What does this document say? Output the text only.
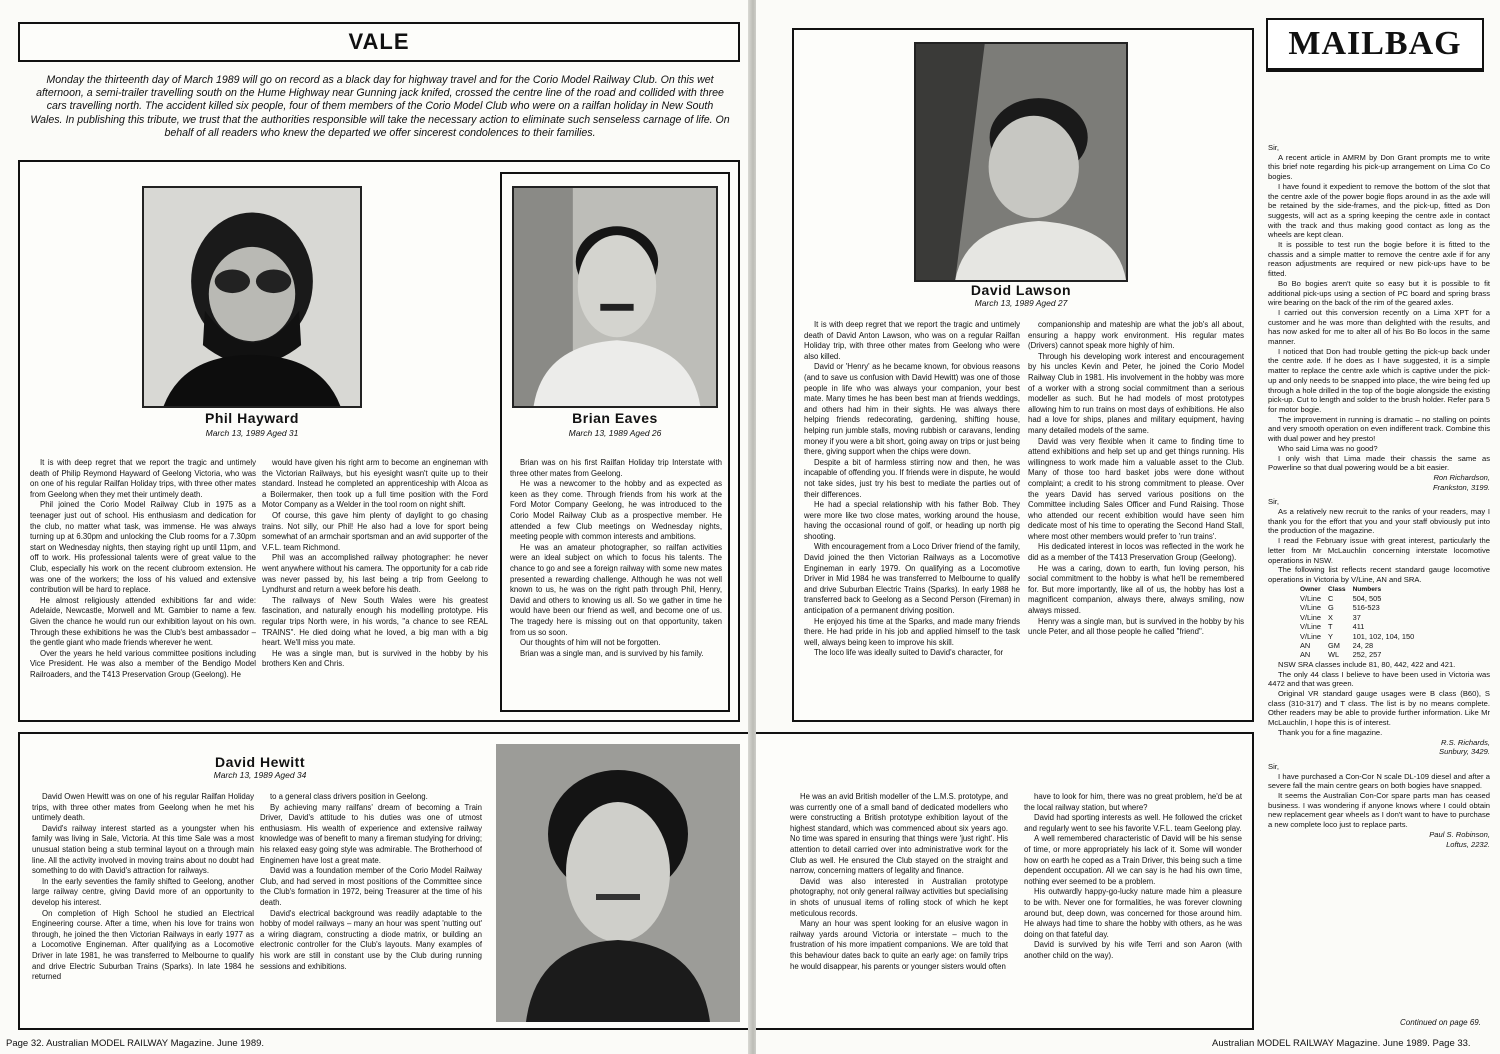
VALE
Monday the thirteenth day of March 1989 will go on record as a black day for highway travel and for the Corio Model Railway Club. On this wet afternoon, a semi-trailer travelling south on the Hume Highway near Gunning jack knifed, crossed the centre line of the road and collided with three cars travelling north. The accident killed six people, four of them members of the Corio Model Club who were on a railfan holiday in New South Wales. In publishing this tribute, we trust that the authorities responsible will take the necessary action to eliminate such senseless carnage of life. On behalf of all readers who knew the departed we offer sincerest condolences to their families.
Phil Hayward
March 13, 1989 Aged 31

It is with deep regret that we report the tragic and untimely death of Philip Reymond Hayward of Geelong Victoria, who was on one of his regular Railfan Holiday trips, with three other mates from Geelong when they met their untimely death.

Phil joined the Corio Model Railway Club in 1975 as a teenager just out of school. His enthusiasm and dedication for the club, no matter what task, was immense. He was always turning up at 6.30pm and unlocking the Club rooms for a 7.30pm start on Wednesday nights, then staying right up until 11pm, and off to work. His professional talents were of great value to the Club, especially his work on the recent clubroom extension. He was one of the workers; the loss of his valued and extensive contribution will be hard to replace.

He almost religiously attended exhibitions far and wide: Adelaide, Newcastle, Morwell and Mt. Gambier to name a few. Given the chance he would run our exhibition layout on his own. Through these exhibitions he was the Club's best ambassador – the gentle giant who made friends wherever he went.

Over the years he held various committee positions including Vice President. He was also a member of the Bendigo Model Railroaders, and the T413 Preservation Group (Geelong). He

would have given his right arm to become an engineman with the Victorian Railways, but his eyesight wasn't quite up to their standard. Instead he completed an apprenticeship with Alcoa as a Boilermaker, then took up a full time position with the Ford Motor Company as a Welder in the tool room on night shift.

Of course, this gave him plenty of daylight to go chasing trains. Not silly, our Phil! He also had a love for sport being somewhat of an armchair sportsman and an avid supporter of the V.F.L. team Richmond.

Phil was an accomplished railway photographer: he never went anywhere without his camera. The opportunity for a cab ride was never passed by, his last being a trip from Geelong to Lyndhurst and return a week before his death.

The railways of New South Wales were his greatest fascination, and naturally enough his modelling prototype. His regular trips North were, in his words, "a chance to see REAL TRAINS". He died doing what he loved, a big man with a big heart. We'll miss you mate.

He was a single man, but is survived in the hobby by his brothers Ken and Chris.

Brian Eaves
March 13, 1989 Aged 26

Brian was on his first Railfan Holiday trip Interstate with three other mates from Geelong.

He was a newcomer to the hobby and as expected as keen as they come. Through friends from his work at the Ford Motor Company Geelong, he was introduced to the Corio Model Railway Club as a prospective member. He attended a few Club meetings on Wednesday nights, meeting people with common interests and ambitions.

He was an amateur photographer, so railfan activities were an ideal subject on which to focus his talents. The chance to go and see a foreign railway with some new mates presented a rewarding challenge. Although he was not well known to us, he was on the right path through Phil, Henry, David and others to knowing us all. So we gather in time he would have been our friend as well, and become one of us. The tragedy here is missing out on that opportunity, taken from us so soon.

Our thoughts of him will not be forgotten.

Brian was a single man, and is survived by his family.

David Hewitt
March 13, 1989 Aged 34

David Owen Hewitt was on one of his regular Railfan Holiday trips, with three other mates from Geelong when he met his untimely death.

David's railway interest started as a youngster when his family was living in Sale, Victoria. At this time Sale was a most unusual station being a stub terminal layout on a through main line. All the activity involved in moving trains about no doubt had something to do with David's attraction for railways.

In the early seventies the family shifted to Geelong, another large railway centre, giving David more of an opportunity to develop his interest.

On completion of High School he studied an Electrical Engineering course. After a time, when his love for trains won through, he joined the then Victorian Railways in early 1977 as a Locomotive Engineman. After qualifying as a Locomotive Driver in late 1981, he was transferred to Melbourne to qualify and drive Electric Suburban Trains (Sparks). In late 1984 he returned

to a general class drivers position in Geelong.

By achieving many railfans' dream of becoming a Train Driver, David's attitude to his duties was one of utmost enthusiasm. His wealth of experience and extensive railway knowledge was of benefit to many a fireman studying for driving; his relaxed easy going style was admirable. The Brotherhood of Enginemen have lost a great mate.

David was a foundation member of the Corio Model Railway Club, and had served in most positions of the Committee since the Club's formation in 1972, being Treasurer at the time of his death.

David's electrical background was readily adaptable to the hobby of model railways – many an hour was spent 'nutting out' a wiring diagram, constructing a diode matrix, or building an electronic controller for the Club's layouts. Many examples of his work are still in constant use by the Club during running sessions and exhibitions.

Page 32. Australian MODEL RAILWAY Magazine. June 1989.
David Lawson
March 13, 1989 Aged 27

It is with deep regret that we report the tragic and untimely death of David Anton Lawson, who was on a regular Railfan Holiday trip, with three other mates from Geelong who were also killed.

David or 'Henry' as he became known, for obvious reasons (and to save us confusion with David Hewitt) was one of those people in life who was always your companion, your best mate. Many times he has been best man at friends weddings, and others had him in their sights. He was always there helping friends redecorating, gardening, shifting house, helping run jumble stalls, moving rubbish or caravans, lending money if you were a bit short, going away on trips or just being there, giving support when the chips were down.

Despite a bit of harmless stirring now and then, he was incapable of offending you. If friends were in dispute, he would not take sides, just try his best to mediate the parties out of their differences.

He had a special relationship with his father Bob. They were more like two close mates, working around the house, having the occasional round of golf, or heading up north pig shooting.

With encouragement from a Loco Driver friend of the family, David joined the then Victorian Railways as a Locomotive Engineman in early 1979. On qualifying as a Locomotive Driver in Mid 1984 he was transferred to Melbourne to qualify and drive Suburban Electric Trains (Sparks). In early 1988 he transferred back to Geelong as a Second Person (Fireman) in anticipation of a permanent driving position.

He enjoyed his time at the Sparks, and made many friends there. He had pride in his job and applied himself to the task well, always being keen to improve his skill.

The loco life was ideally suited to David's character, for

companionship and mateship are what the job's all about, ensuring a happy work environment. His regular mates (Drivers) cannot speak more highly of him.

Through his developing work interest and encouragement by his uncles Kevin and Peter, he joined the Corio Model Railway Club in 1981. His involvement in the hobby was more of a worker with a strong social commitment than a serious modeller as such. But he had models of most prototypes allowing him to run trains on most days of exhibitions. He also had a love for ships, planes and military equipment, having many detailed models of the same.

David was very flexible when it came to finding time to attend exhibitions and help set up and get things running. His willingness to work made him a valuable asset to the Club. Many of those too hard basket jobs were done without complaint; a credit to his strong commitment to please. Over the years David has served various positions on the Committee including Sales Officer and Fund Raising. Those who attended our recent exhibition would have seen him dedicate most of his time to operating the Second Hand Stall, where most other members would prefer to 'run trains'.

His dedicated interest in locos was reflected in the work he did as a member of the T413 Preservation Group (Geelong).

He was a caring, down to earth, fun loving person, his social commitment to the hobby is what he'll be remembered for. But more importantly, like all of us, the hobby has lost a magnificent companion, always there, always smiling, now always missed.

Henry was a single man, but is survived in the hobby by his uncle Peter, and all those people he called "friend".

He was an avid British modeller of the L.M.S. prototype, and was currently one of a small band of dedicated modellers who were constructing a British prototype exhibition layout of the highest standard, which was commenced about six years ago. No time was spared in ensuring that things were 'just right'. His attention to detail carried over into administrative work for the Club as well. He ensured the Club stayed on the straight and narrow, concerning matters of legality and finance.

David was also interested in Australian prototype photography, not only general railway activities but specialising in shots of unusual items of rolling stock of which he kept meticulous records.

Many an hour was spent looking for an elusive wagon in railway yards around Victoria or interstate – much to the frustration of his more impatient companions. We are told that this behaviour dates back to quite an early age: on family trips he would disappear, his parents or younger sisters would often

have to look for him, there was no great problem, he'd be at the local railway station, but where?

David had sporting interests as well. He followed the cricket and regularly went to see his favorite V.F.L. team Geelong play.

A well remembered characteristic of David will be his sense of time, or more appropriately his lack of it. Some will wonder how on earth he coped as a Train Driver, this being such a time dependent occupation. All we can say is he had his own time, nothing ever seemed to be a problem.

His outwardly happy-go-lucky nature made him a pleasure to be with. Never one for formalities, he was forever clowning around but, deep down, was concerned for those around him. He always had time to share the hobby with others, as he was doing on that fateful day.

David is survived by his wife Terri and son Aaron (with another child on the way).

MAILBAG

Sir,

A recent article in AMRM by Don Grant prompts me to write this brief note regarding his pick-up arrangement on Lima Co Co bogies.

I have found it expedient to remove the bottom of the slot that the centre axle of the power bogie flops around in as the axle will be retained by the side-frames, and the pick-up, fitted as Don suggests, will act as a spring keeping the centre axle in contact with the track and thus making good contact as long as the wheels are kept clean.

It is possible to test run the bogie before it is fitted to the chassis and a simple matter to remove the centre axle if for any reason adjustments are required or new pick-ups have to be fitted.

Bo Bo bogies aren't quite so easy but it is possible to fit additional pick-ups using a section of PC board and spring brass wire bearing on the back of the rim of the geared axles.

I carried out this conversion recently on a Lima XPT for a customer and he was more than delighted with the results, and has now asked for me to alter all of his Bo Bo locos in the same manner.

I noticed that Don had trouble getting the pick-up back under the centre axle. If he does as I have suggested, it is a simple matter to replace the centre axle which is captive under the pick-up and only needs to be snapped into place, the wire being fed up through a hole drilled in the top of the bogie alongside the existing pick-up. Cut to length and solder to the brush holder. Refer para 5 for motor bogie.

The improvement in running is dramatic – no stalling on points and very smooth operation on even indifferent track. Combine this with dual power and hey presto!

Who said Lima was no good?

I only wish that Lima made their chassis the same as Powerline so that dual powering would be a bit easier.

Ron Richardson,

Frankston, 3199.

Sir,

As a relatively new recruit to the ranks of your readers, may I thank you for the effort that you and your staff obviously put into the production of the magazine.

I read the February issue with great interest, particularly the letter from Mr McLauchlin concerning interstate locomotive operations in NSW.

The following list reflects recent standard gauge locomotive operations in Victoria by V/Line, AN and SRA.

Owner	Class	Numbers
V/Line	C	504, 505
V/Line	G	516-523
V/Line	X	37
V/Line	T	411
V/Line	Y	101, 102, 104, 150
AN	GM	24, 28
AN	WL	252, 257

NSW SRA classes include 81, 80, 442, 422 and 421.

The only 44 class I believe to have been used in Victoria was 4472 and that was green.

Original VR standard gauge usages were B class (B60), S class (310-317) and T class. The list is by no means complete. Other readers may be able to provide further information. Like Mr McLauchlin, I hope this is of interest.

Thank you for a fine magazine.

R.S. Richards,

Sunbury, 3429.

Sir,

I have purchased a Con-Cor N scale DL-109 diesel and after a severe fall the main centre gears on both bogies have snapped.

It seems the Australian Con-Cor spare parts man has ceased business. I was wondering if anyone knows where I could obtain new replacement gear wheels as I don't want to have to purchase a new complete loco just to replace parts.

Paul S. Robinson,

Loftus, 2232.

Continued on page 69.
Australian MODEL RAILWAY Magazine. June 1989. Page 33.
